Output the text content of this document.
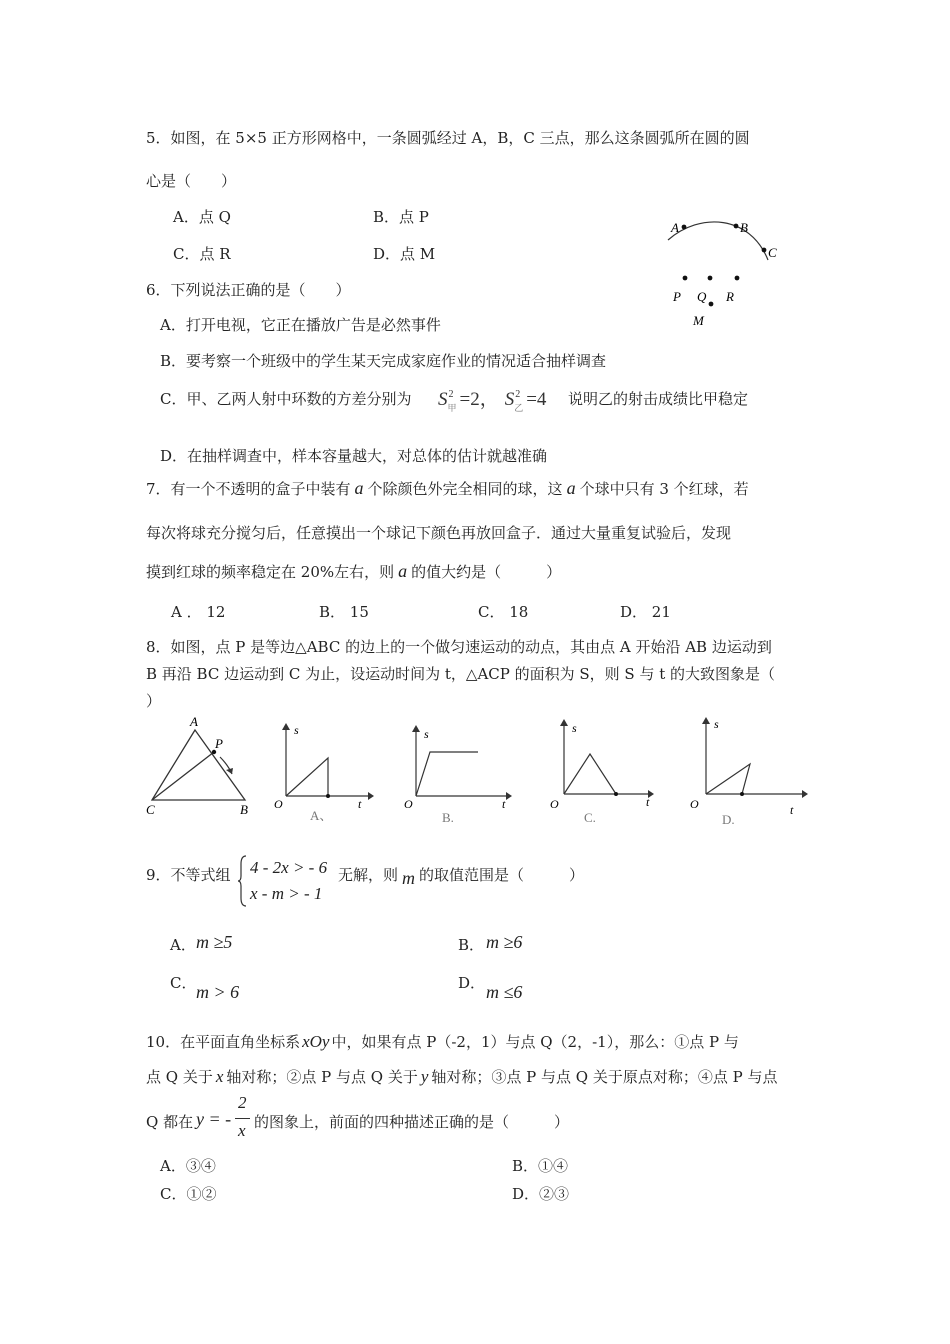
5．如图，在 5×5 正方形网格中，一条圆弧经过 A，B，C 三点，那么这条圆弧所在圆的圆
心是（　　）
A．点 Q	B．点 P
C．点 R	D．点 M
A	B
C
P Q R
M
6．下列说法正确的是（　　）
A．打开电视，它正在播放广告是必然事件
B．要考察一个班级中的学生某天完成家庭作业的情况适合抽样调查
C．甲、乙两人射中环数的方差分别为 S 2
甲 =2， S 2
乙 =4 说明乙的射击成绩比甲稳定
D．在抽样调查中，样本容量越大，对总体的估计就越准确
7．有一个不透明的盒子中装有 a 个除颜色外完全相同的球，这 a 个球中只有 3 个红球，若
每次将球充分搅匀后，任意摸出一个球记下颜色再放回盒子．通过大量重复试验后，发现
摸到红球的频率稳定在 20%左右，则 a 的值大约是（　　　）
A ． 12	B． 15	C． 18	D． 21
8．如图，点 P 是等边△ABC 的边上的一个做匀速运动的动点，其由点 A 开始沿 AB 边运动到
B 再沿 BC 边运动到 C 为止，设运动时间为 t，△ACP 的面积为 S，则 S 与 t 的大致图象是（
）
A
P
C	B
s
O	t
A、
s
O	t
B.
s
O	t
C.
s
O	t
D.
9．不等式组 4 - 2x > - 6
x - m > - 1
无解，则 m 的取值范围是（　　　）
A． m ≥5	B． m ≥6
C． m > 6	D． m ≤6
10．在平面直角坐标系 xOy 中，如果有点 P（-2，1）与点 Q（2，-1），那么：①点 P 与
点 Q 关于 x 轴对称；②点 P 与点 Q 关于 y 轴对称；③点 P 与点 Q 关于原点对称；④点 P 与点
Q 都在 y = -
2
x 的图象上，前面的四种描述正确的是（　　　）
A．③④	B．①④
C．①②	D．②③
